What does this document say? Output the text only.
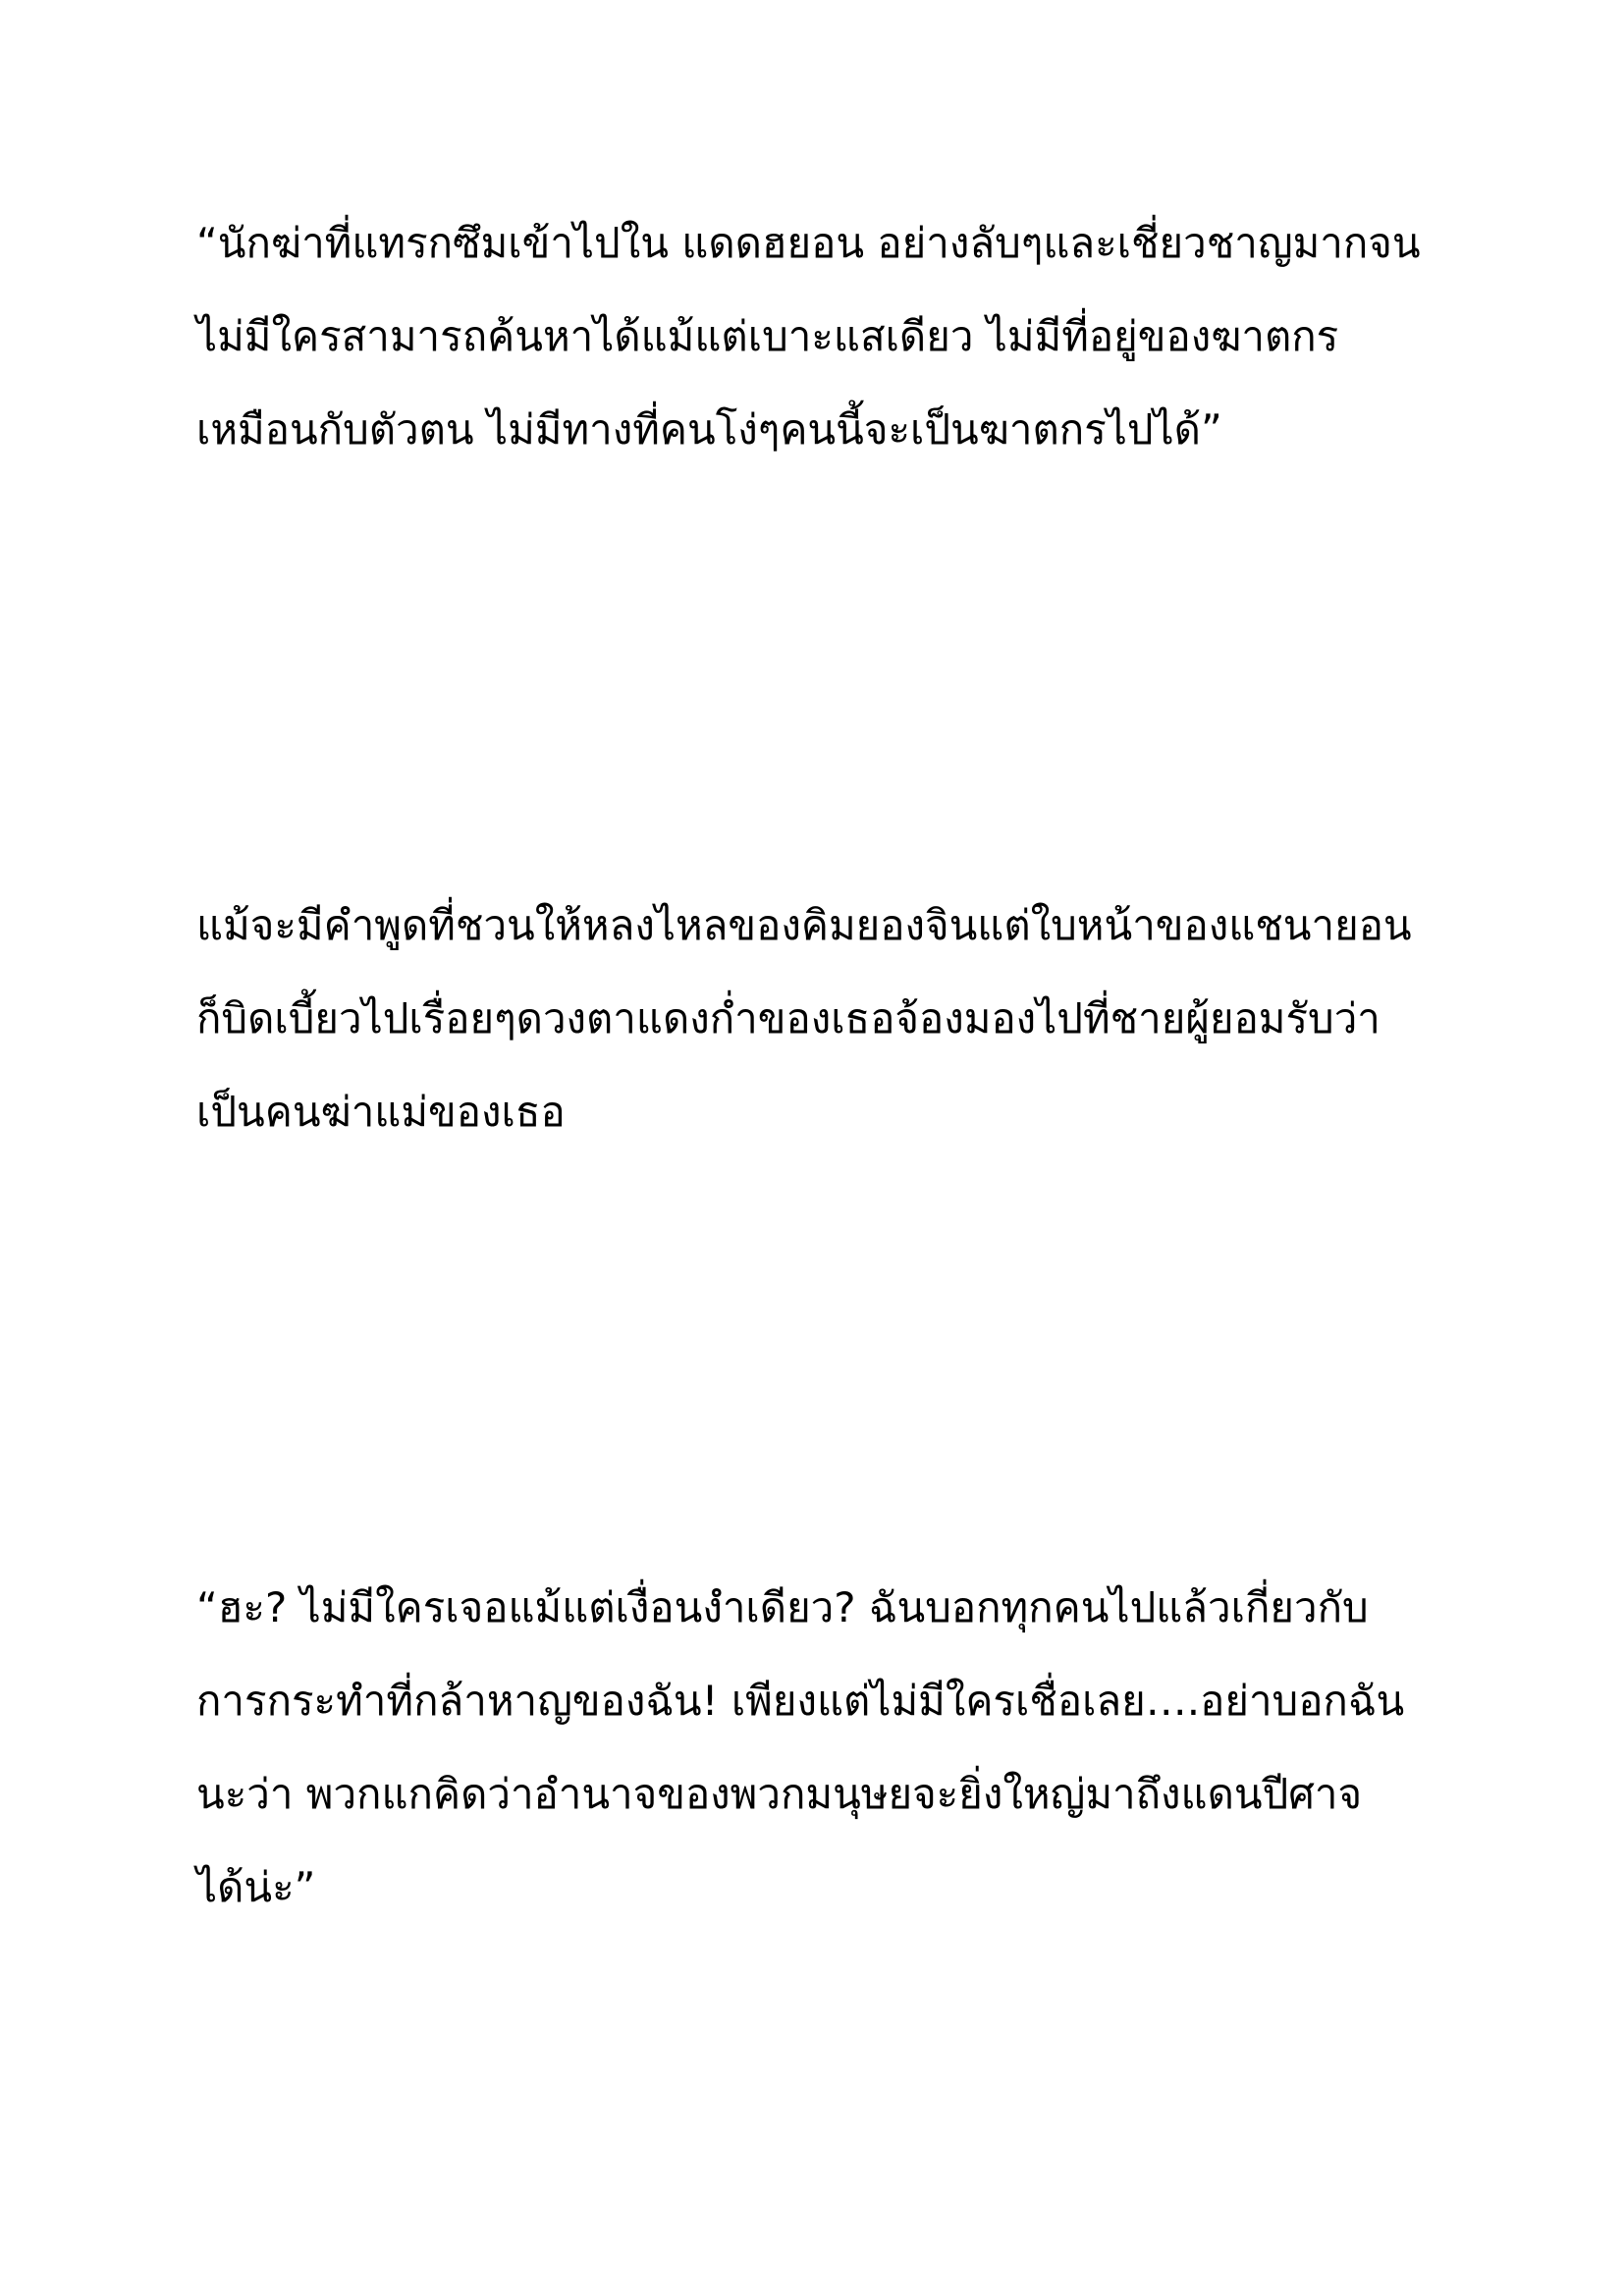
“นักฆ่าที่แทรกซึมเข้าไปใน แดดฮยอน อย่างลับๆและเชี่ยวชาญมากจน
ไม่มีใครสามารถค้นหาได้แม้แต่เบาะแสเดียว ไม่มีที่อยู่ของฆาตกร
เหมือนกับตัวตน ไม่มีทางที่คนโง่ๆคนนี้จะเป็นฆาตกรไปได้”

แม้จะมีคำพูดที่ชวนให้หลงไหลของคิมยองจินแต่ใบหน้าของแชนายอน
ก็บิดเบี้ยวไปเรื่อยๆดวงตาแดงก่ำของเธอจ้องมองไปที่ชายผู้ยอมรับว่า
เป็นคนฆ่าแม่ของเธอ

“ฮะ? ไม่มีใครเจอแม้แต่เงื่อนงำเดียว? ฉันบอกทุกคนไปแล้วเกี่ยวกับ
การกระทำที่กล้าหาญของฉัน! เพียงแต่ไม่มีใครเชื่อเลย….อย่าบอกฉัน
นะว่า พวกแกคิดว่าอำนาจของพวกมนุษยจะยิ่งใหญ่มาถึงแดนปีศาจ
ได้น่ะ”
